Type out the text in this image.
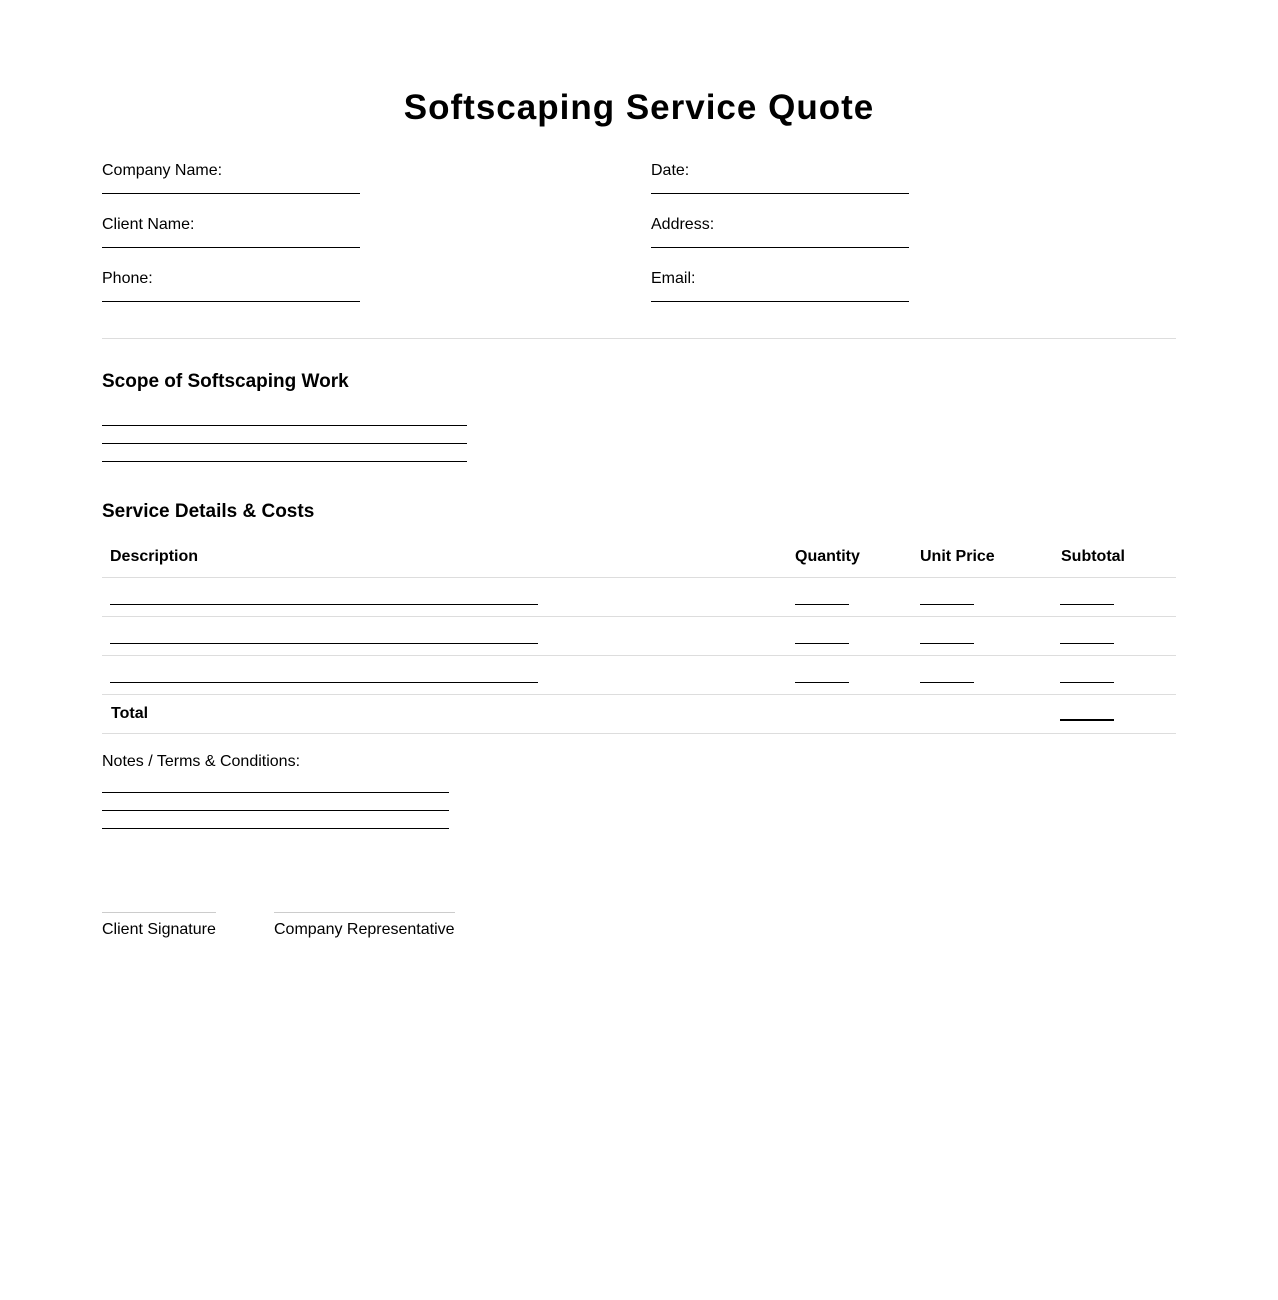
Softscaping Service Quote
Company Name:
Client Name:
Phone:
Date:
Address:
Email:
Scope of Softscaping Work
Service Details & Costs
Description	Quantity	Unit Price	Subtotal
Total
Notes / Terms & Conditions:
Client Signature	Company Representative
